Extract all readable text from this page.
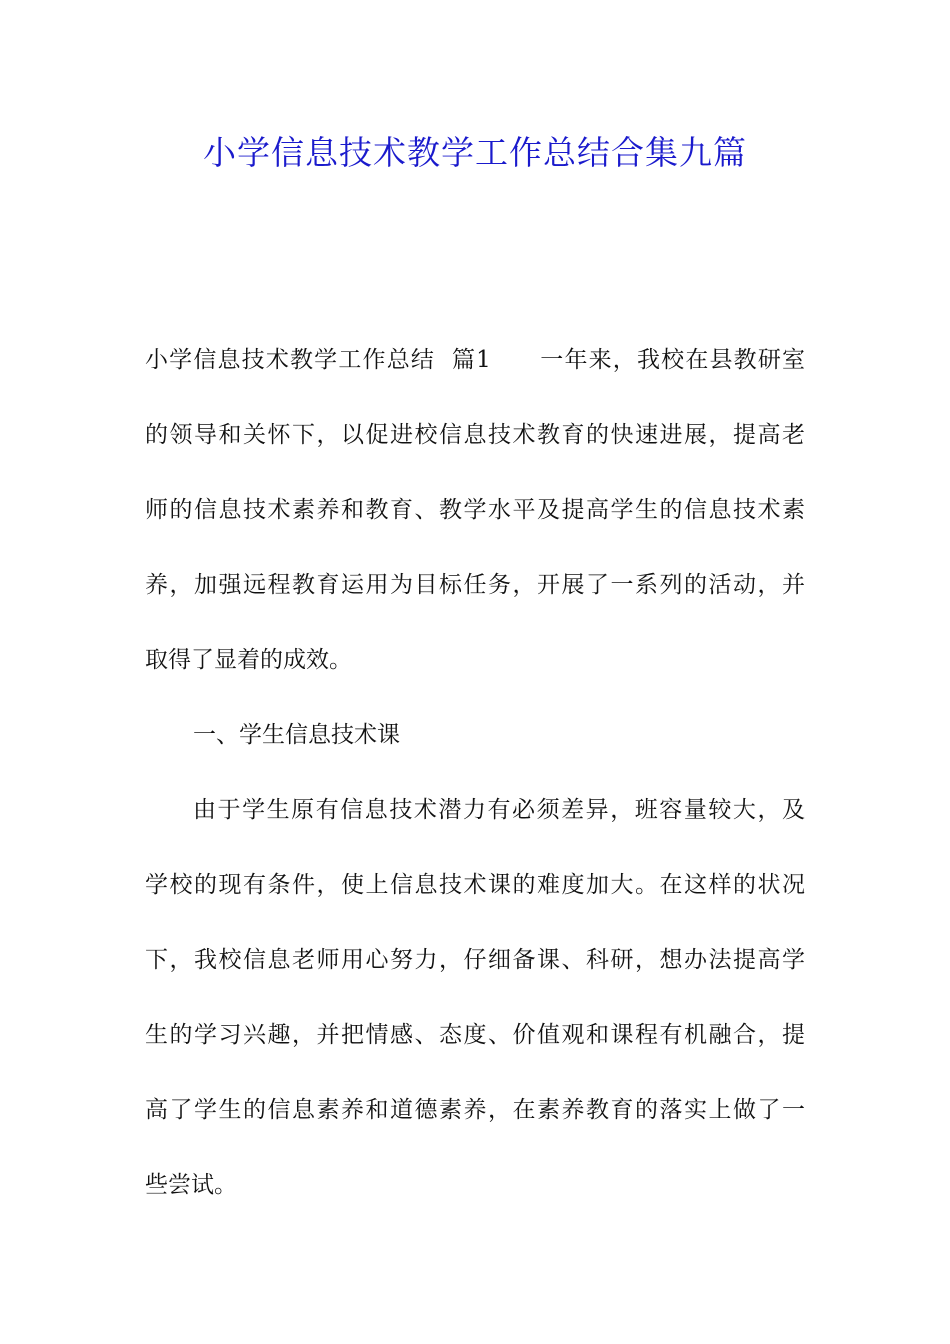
小学信息技术教学工作总结合集九篇
小学信息技术教学工作总结  篇1　　一年来，我校在县教研室
的领导和关怀下，以促进校信息技术教育的快速进展，提高老
师的信息技术素养和教育、教学水平及提高学生的信息技术素
养，加强远程教育运用为目标任务，开展了一系列的活动，并
取得了显着的成效。
一、学生信息技术课
由于学生原有信息技术潜力有必须差异，班容量较大，及
学校的现有条件，使上信息技术课的难度加大。在这样的状况
下，我校信息老师用心努力，仔细备课、科研，想办法提高学
生的学习兴趣，并把情感、态度、价值观和课程有机融合，提
高了学生的信息素养和道德素养，在素养教育的落实上做了一
些尝试。
